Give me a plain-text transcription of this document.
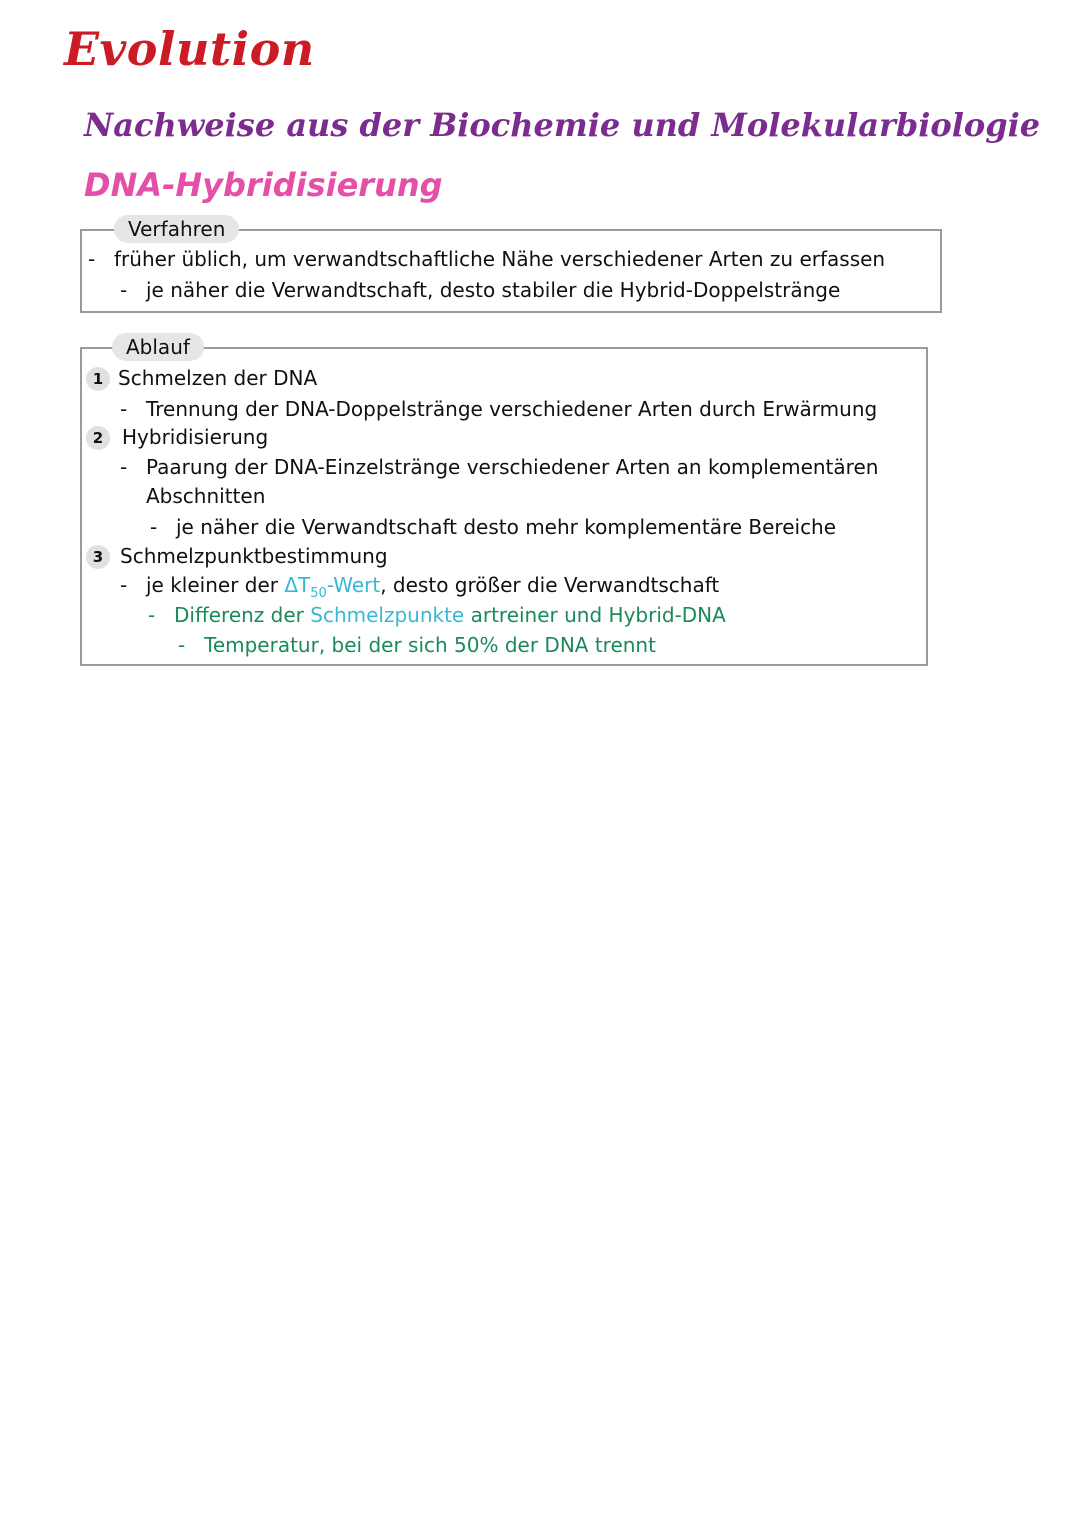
Evolution
Nachweise aus der Biochemie und Molekularbiologie
DNA-Hybridisierung
Verfahren
- früher üblich, um verwandtschaftliche Nähe verschiedener Arten zu erfassen
- je näher die Verwandtschaft, desto stabiler die Hybrid-Doppelstränge
Ablauf
1 Schmelzen der DNA
- Trennung der DNA-Doppelstränge verschiedener Arten durch Erwärmung
2 Hybridisierung
- Paarung der DNA-Einzelstränge verschiedener Arten an komplementären
Abschnitten
- je näher die Verwandtschaft desto mehr komplementäre Bereiche
3 Schmelzpunktbestimmung
- je kleiner der $\Delta T_{50}$-Wert, desto größer die Verwandtschaft
- Differenz der Schmelzpunkte artreiner und Hybrid-DNA
- Temperatur, bei der sich 50% der DNA trennt
